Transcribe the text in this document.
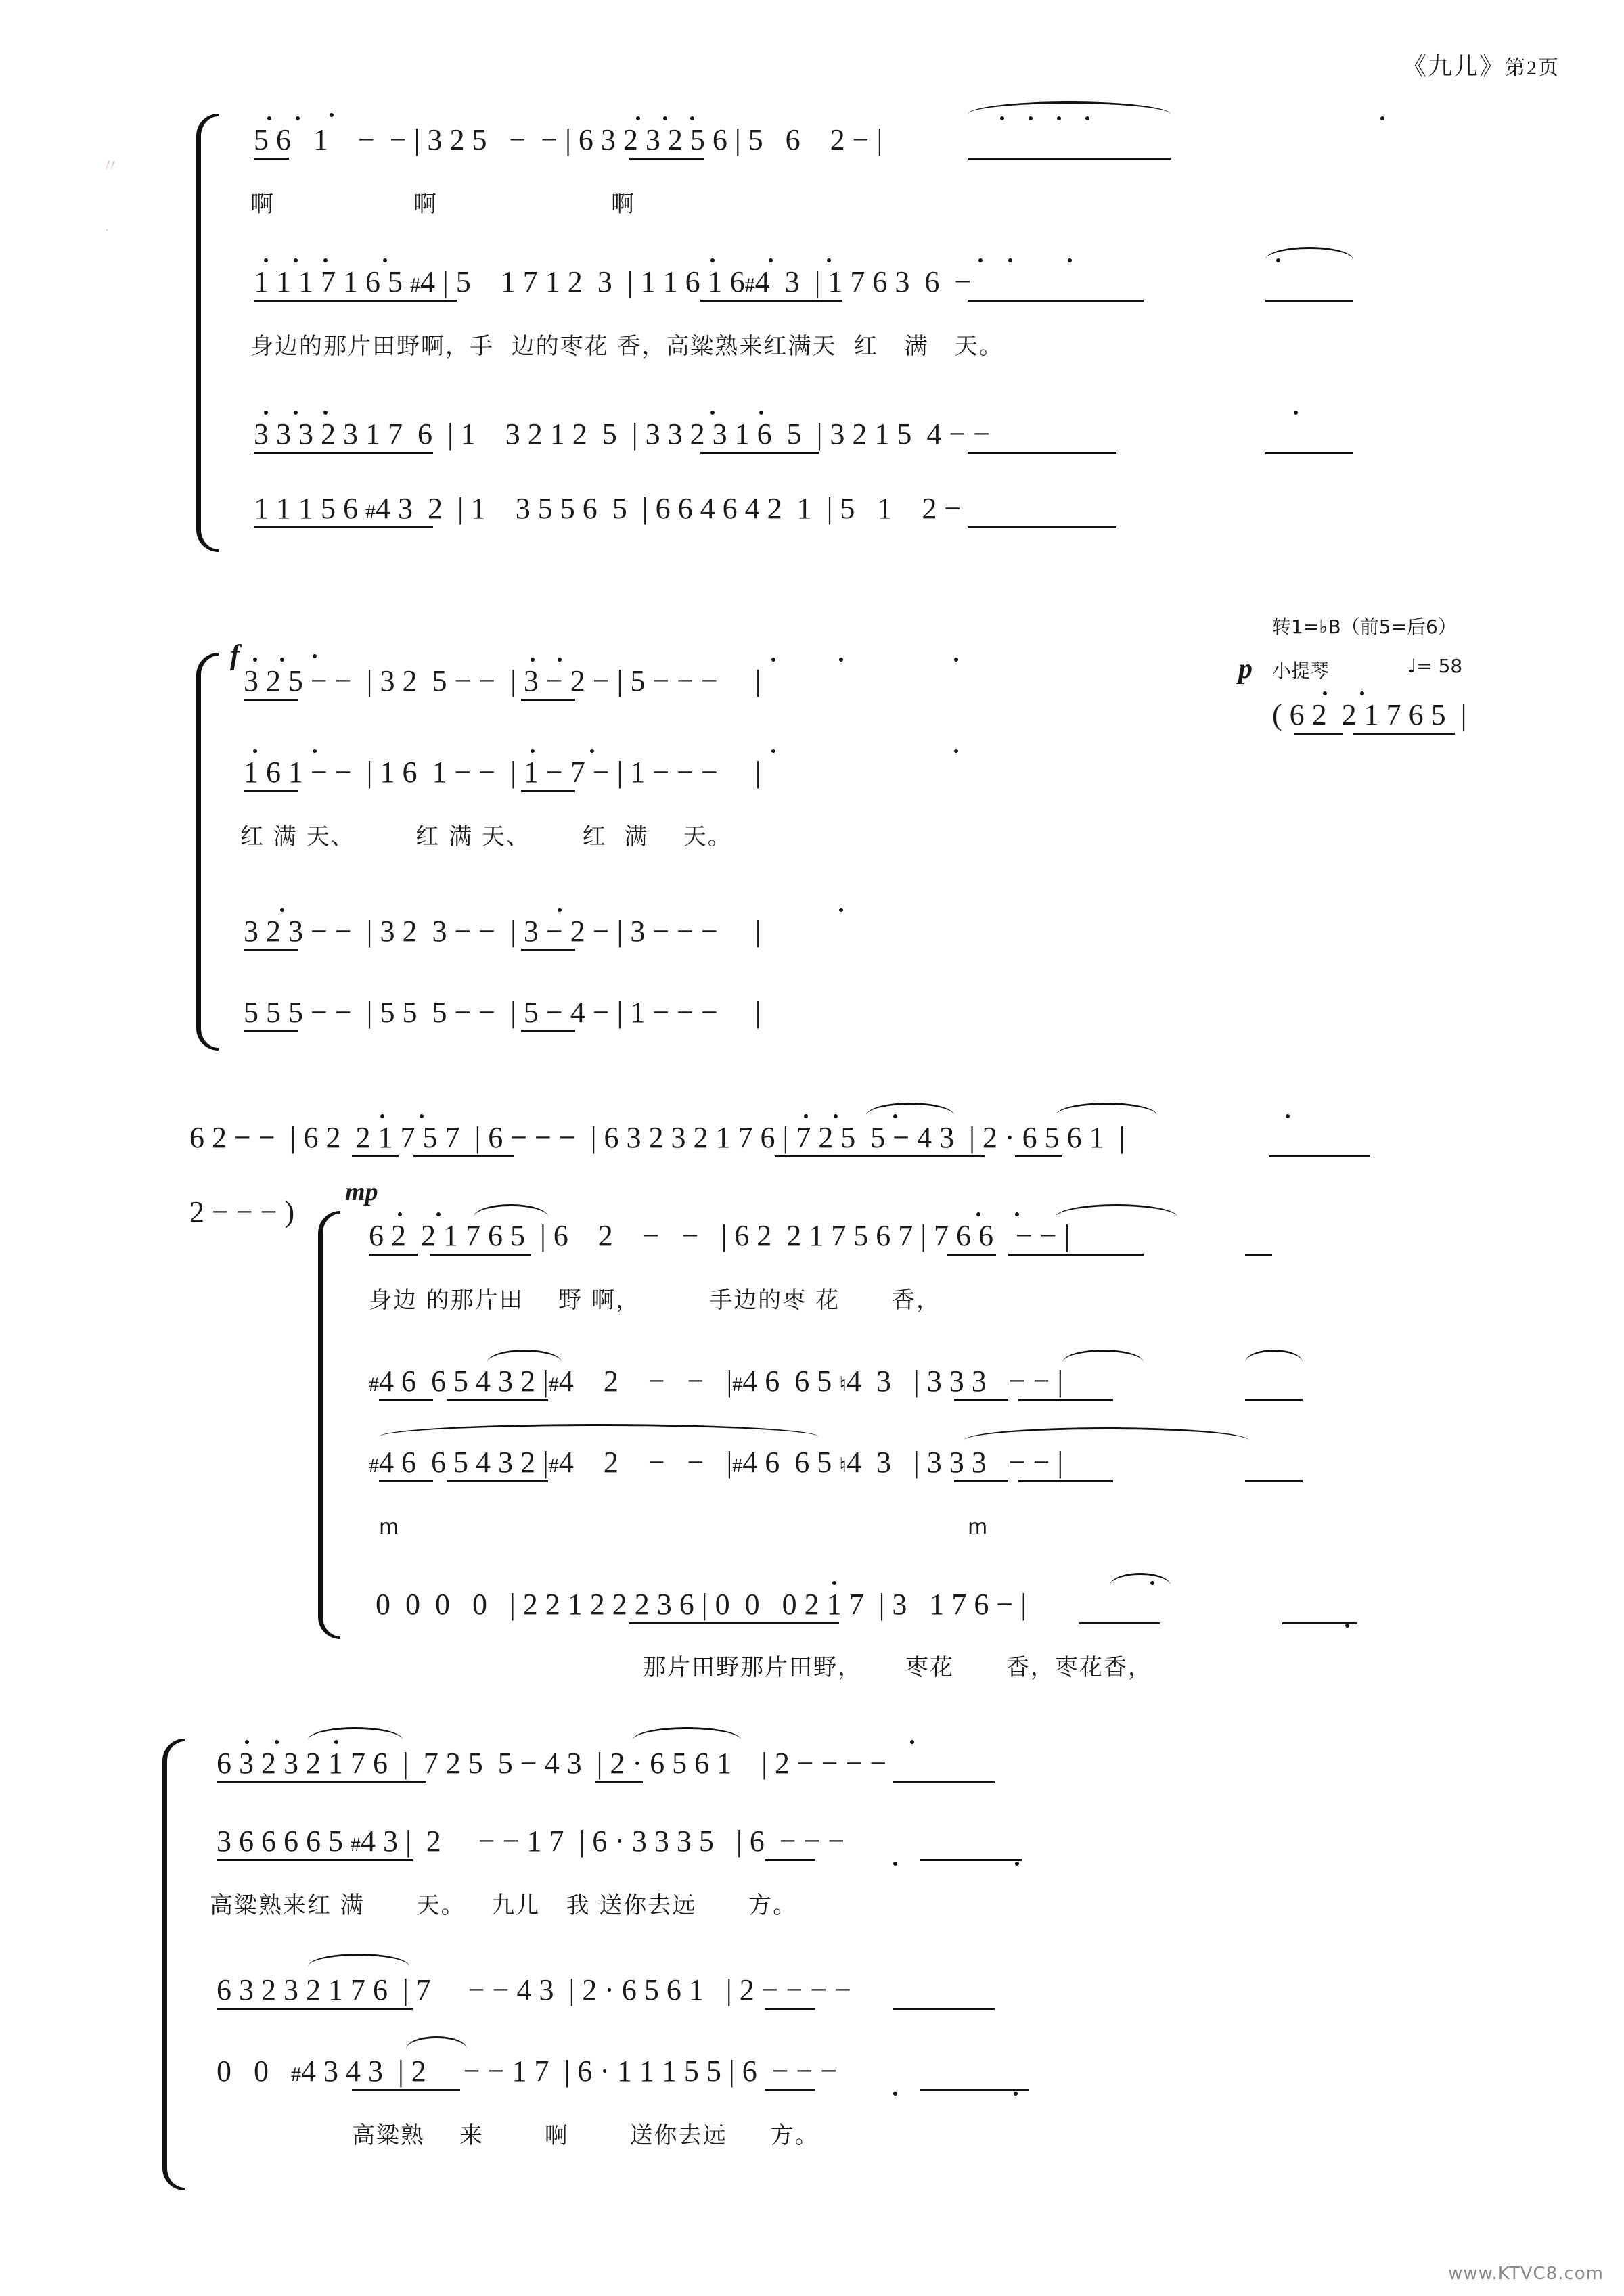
《九儿》第2页
〃
·
5 6   1    −  − | 3 2 5   −  − | 6 3 2 3 2 5 6 | 5   6    2 − |
啊                啊                    啊
1 1 1 7 1 6 5 #4 | 5    1 7 1 2  3  | 1 1 6 1 6#4  3  | 1 7 6 3  6  −
身边的那片田野啊，手  边的枣花 香，高粱熟来红满天  红   满   天。
3 3 3 2 3 1 7  6  | 1    3 2 1 2  5  | 3 3 2 3 1 6  5  | 3 2 1 5  4 − −
1 1 1 5 6 #4 3  2  | 1    3 5 5 6  5  | 6 6 4 6 4 2  1  | 5   1    2 −
f
转1=♭B（前5=后6）
p 小提琴	♩= 58
3 2 5 − −  | 3 2  5 − −  | 3 − 2 − | 5 − − −     |
( 6 2  2 1 7 6 5  |
1 6 1 − −  | 1 6  1 − −  | 1 − 7 − | 1 − − −     |
红 满 天、       红 满 天、      红  满    天。
3 2 3 − −  | 3 2  3 − −  | 3 − 2 − | 3 − − −     |
5 5 5 − −  | 5 5  5 − −  | 5 − 4 − | 1 − − −     |
6 2 − −  | 6 2  2 1 7 5 7  | 6 − − −  | 6 3 2 3 2 1 7 6 | 7 2 5  5 − 4 3  | 2 · 6 5 6 1  |
2 − − − )
mp
6 2  2 1 7 6 5  | 6    2    −   −   | 6 2  2 1 7 5 6 7 | 7 6 6   − − |
身边 的那片田    野 啊，        手边的枣 花      香，
#4 6  6 5 4 3 2 |#4    2    −   −   |#4 6  6 5 ♮4  3   | 3 3 3   − − |
#4 6  6 5 4 3 2 |#4    2    −   −   |#4 6  6 5 ♮4  3   | 3 3 3   − − |
m	m
0  0  0   0   | 2 2 1 2 2 2 3 6 | 0  0   0 2 1 7  | 3   1 7 6 − |
那片田野那片田野，     枣花      香，枣花香，
6 3 2 3 2 1 7 6  |  7 2 5  5 − 4 3  | 2 · 6 5 6 1    | 2 − − − −
3 6 6 6 6 5 #4 3 |  2     − − 1 7  | 6 · 3 3 3 5   | 6  − − −
高粱熟来红 满      天。   九儿   我 送你去远      方。
6 3 2 3 2 1 7 6  | 7     − − 4 3  | 2 · 6 5 6 1   | 2 − − − −
0   0   #4 3 4 3  | 2     − − 1 7  | 6 · 1 1 1 5 5 | 6  − − −
高粱熟    来       啊       送你去远     方。
www.KTVC8.com
